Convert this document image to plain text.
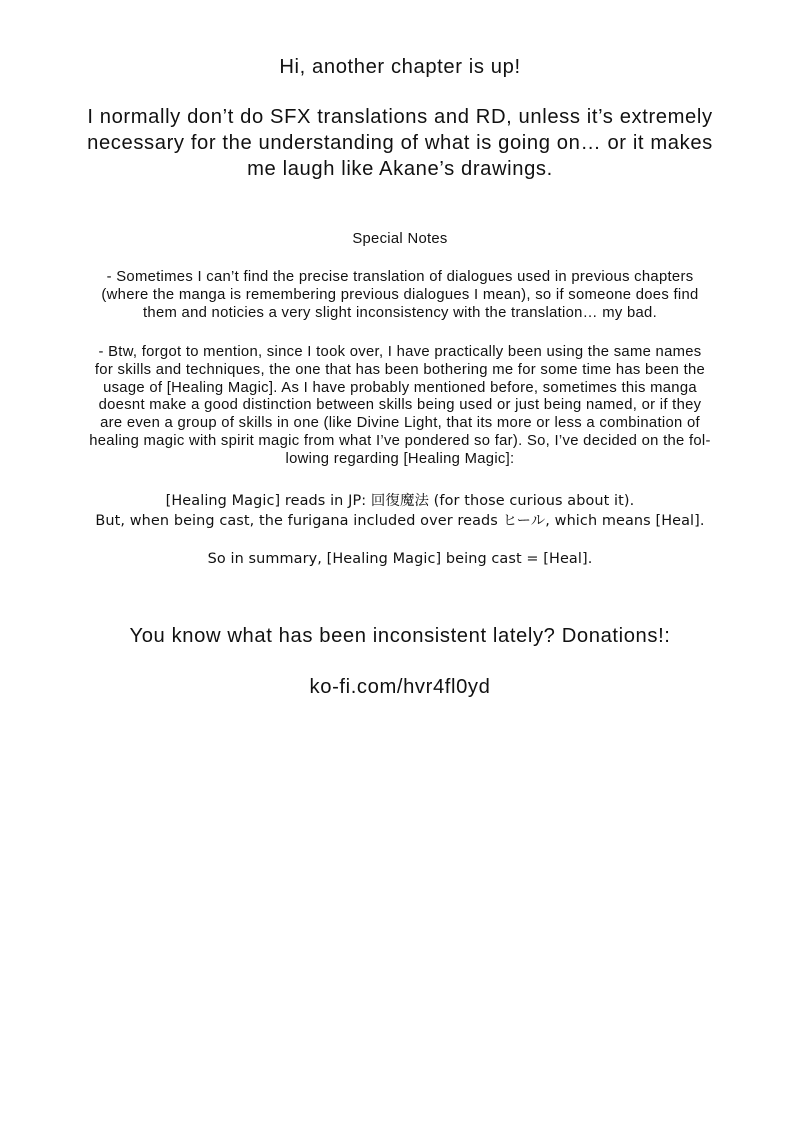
Hi, another chapter is up!
I normally don’t do SFX translations and RD, unless it’s extremely
necessary for the understanding of what is going on… or it makes
me laugh like Akane’s drawings.
Special Notes
- Sometimes I can’t find the precise translation of dialogues used in previous chapters
(where the manga is remembering previous dialogues I mean), so if someone does find
them and noticies a very slight inconsistency with the translation… my bad.
- Btw, forgot to mention, since I took over, I have practically been using the same names
for skills and techniques, the one that has been bothering me for some time has been the
usage of [Healing Magic]. As I have probably mentioned before, sometimes this manga
doesnt make a good distinction between skills being used or just being named, or if they
are even a group of skills in one (like Divine Light, that its more or less a combination of
healing magic with spirit magic from what I’ve pondered so far). So, I’ve decided on the fol-
lowing regarding [Healing Magic]:
[Healing Magic] reads in JP: 回復魔法 (for those curious about it).
But, when being cast, the furigana included over reads ヒール, which means [Heal].
So in summary, [Healing Magic] being cast = [Heal].
You know what has been inconsistent lately? Donations!:
ko-fi.com/hvr4fl0yd
